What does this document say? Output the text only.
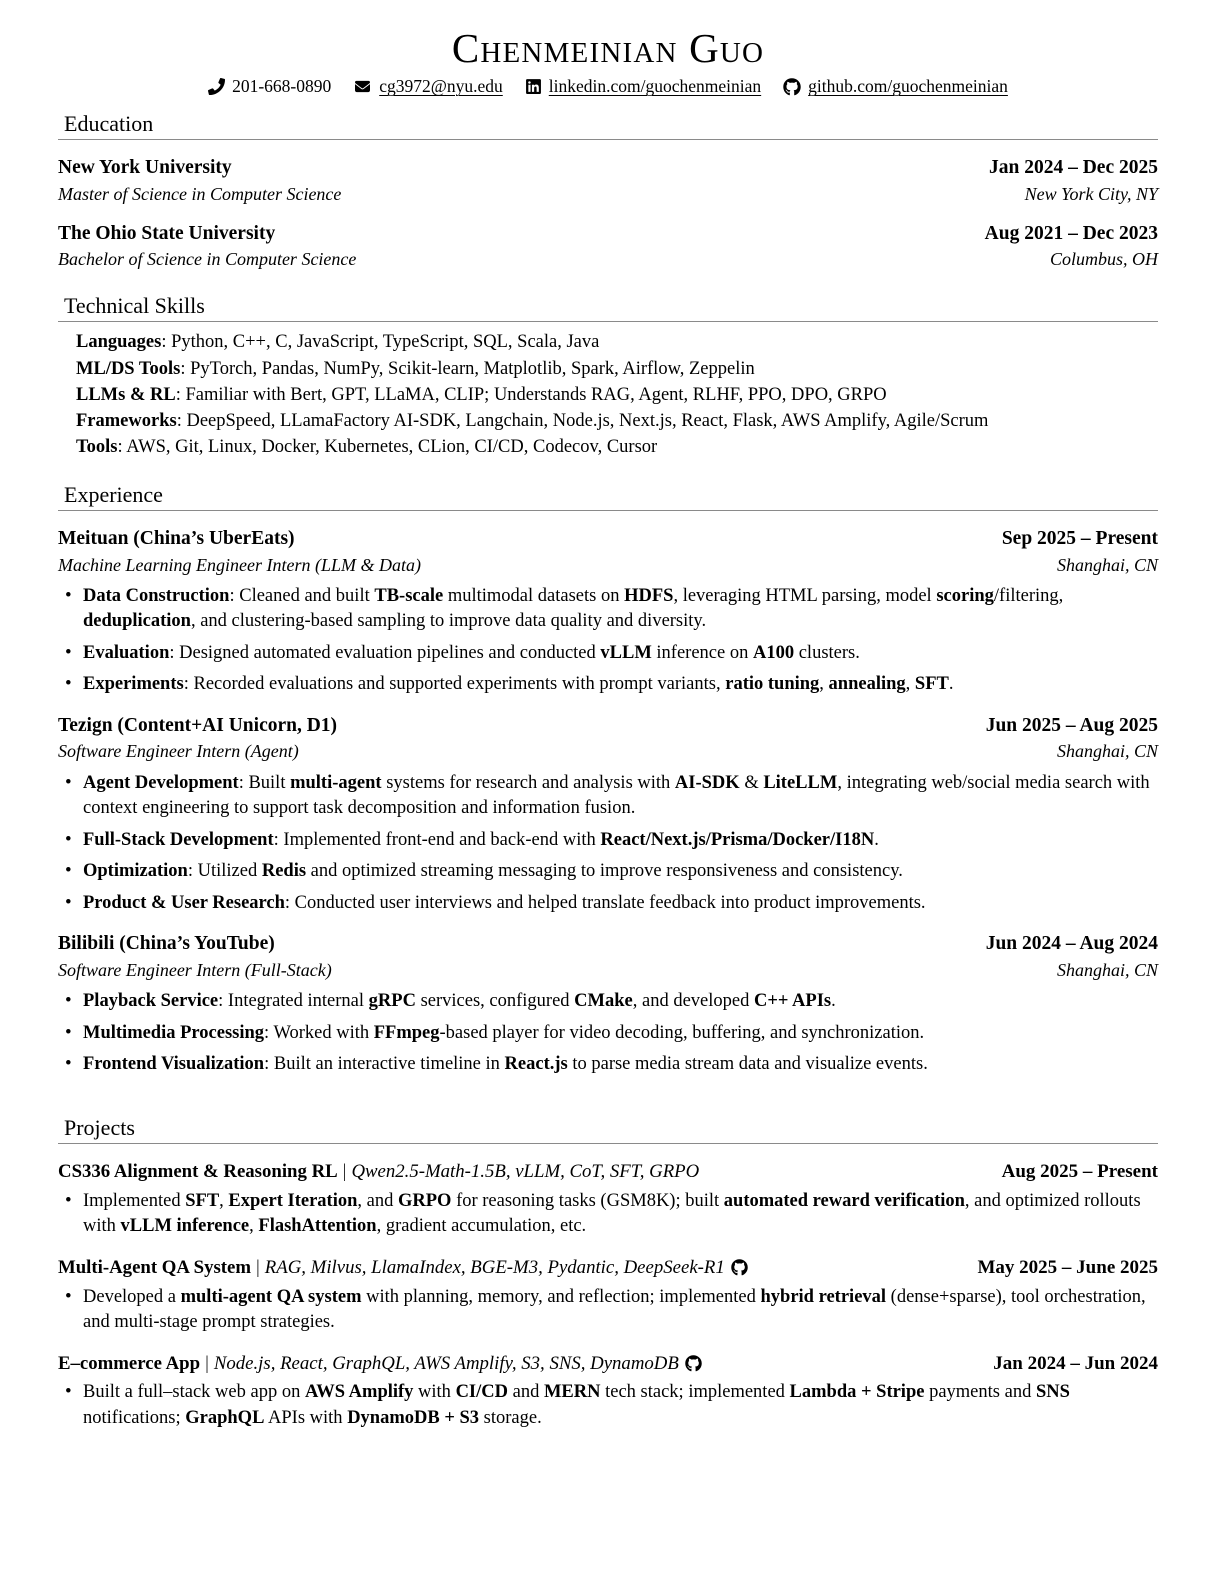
Chenmeinian Guo
201-668-0890	cg3972@nyu.edu	linkedin.com/guochenmeinian	github.com/guochenmeinian
Education
New York University	Jan 2024 – Dec 2025
Master of Science in Computer Science	New York City, NY
The Ohio State University	Aug 2021 – Dec 2023
Bachelor of Science in Computer Science	Columbus, OH
Technical Skills
Languages: Python, C++, C, JavaScript, TypeScript, SQL, Scala, Java
ML/DS Tools: PyTorch, Pandas, NumPy, Scikit-learn, Matplotlib, Spark, Airflow, Zeppelin
LLMs & RL: Familiar with Bert, GPT, LLaMA, CLIP; Understands RAG, Agent, RLHF, PPO, DPO, GRPO
Frameworks: DeepSpeed, LLamaFactory AI-SDK, Langchain, Node.js, Next.js, React, Flask, AWS Amplify, Agile/Scrum
Tools: AWS, Git, Linux, Docker, Kubernetes, CLion, CI/CD, Codecov, Cursor
Experience
Meituan (China’s UberEats)	Sep 2025 – Present
Machine Learning Engineer Intern (LLM & Data)	Shanghai, CN
• Data Construction: Cleaned and built TB-scale multimodal datasets on HDFS, leveraging HTML parsing, model scoring/filtering, deduplication, and clustering-based sampling to improve data quality and diversity.
• Evaluation: Designed automated evaluation pipelines and conducted vLLM inference on A100 clusters.
• Experiments: Recorded evaluations and supported experiments with prompt variants, ratio tuning, annealing, SFT.
Tezign (Content+AI Unicorn, D1)	Jun 2025 – Aug 2025
Software Engineer Intern (Agent)	Shanghai, CN
• Agent Development: Built multi-agent systems for research and analysis with AI-SDK & LiteLLM, integrating web/social media search with context engineering to support task decomposition and information fusion.
• Full-Stack Development: Implemented front-end and back-end with React/Next.js/Prisma/Docker/I18N.
• Optimization: Utilized Redis and optimized streaming messaging to improve responsiveness and consistency.
• Product & User Research: Conducted user interviews and helped translate feedback into product improvements.
Bilibili (China’s YouTube)	Jun 2024 – Aug 2024
Software Engineer Intern (Full-Stack)	Shanghai, CN
• Playback Service: Integrated internal gRPC services, configured CMake, and developed C++ APIs.
• Multimedia Processing: Worked with FFmpeg-based player for video decoding, buffering, and synchronization.
• Frontend Visualization: Built an interactive timeline in React.js to parse media stream data and visualize events.
Projects
CS336 Alignment & Reasoning RL | Qwen2.5-Math-1.5B, vLLM, CoT, SFT, GRPO	Aug 2025 – Present
• Implemented SFT, Expert Iteration, and GRPO for reasoning tasks (GSM8K); built automated reward verification, and optimized rollouts with vLLM inference, FlashAttention, gradient accumulation, etc.
Multi-Agent QA System | RAG, Milvus, LlamaIndex, BGE-M3, Pydantic, DeepSeek-R1	May 2025 – June 2025
• Developed a multi-agent QA system with planning, memory, and reflection; implemented hybrid retrieval (dense+sparse), tool orchestration, and multi-stage prompt strategies.
E–commerce App | Node.js, React, GraphQL, AWS Amplify, S3, SNS, DynamoDB	Jan 2024 – Jun 2024
• Built a full–stack web app on AWS Amplify with CI/CD and MERN tech stack; implemented Lambda + Stripe payments and SNS notifications; GraphQL APIs with DynamoDB + S3 storage.
